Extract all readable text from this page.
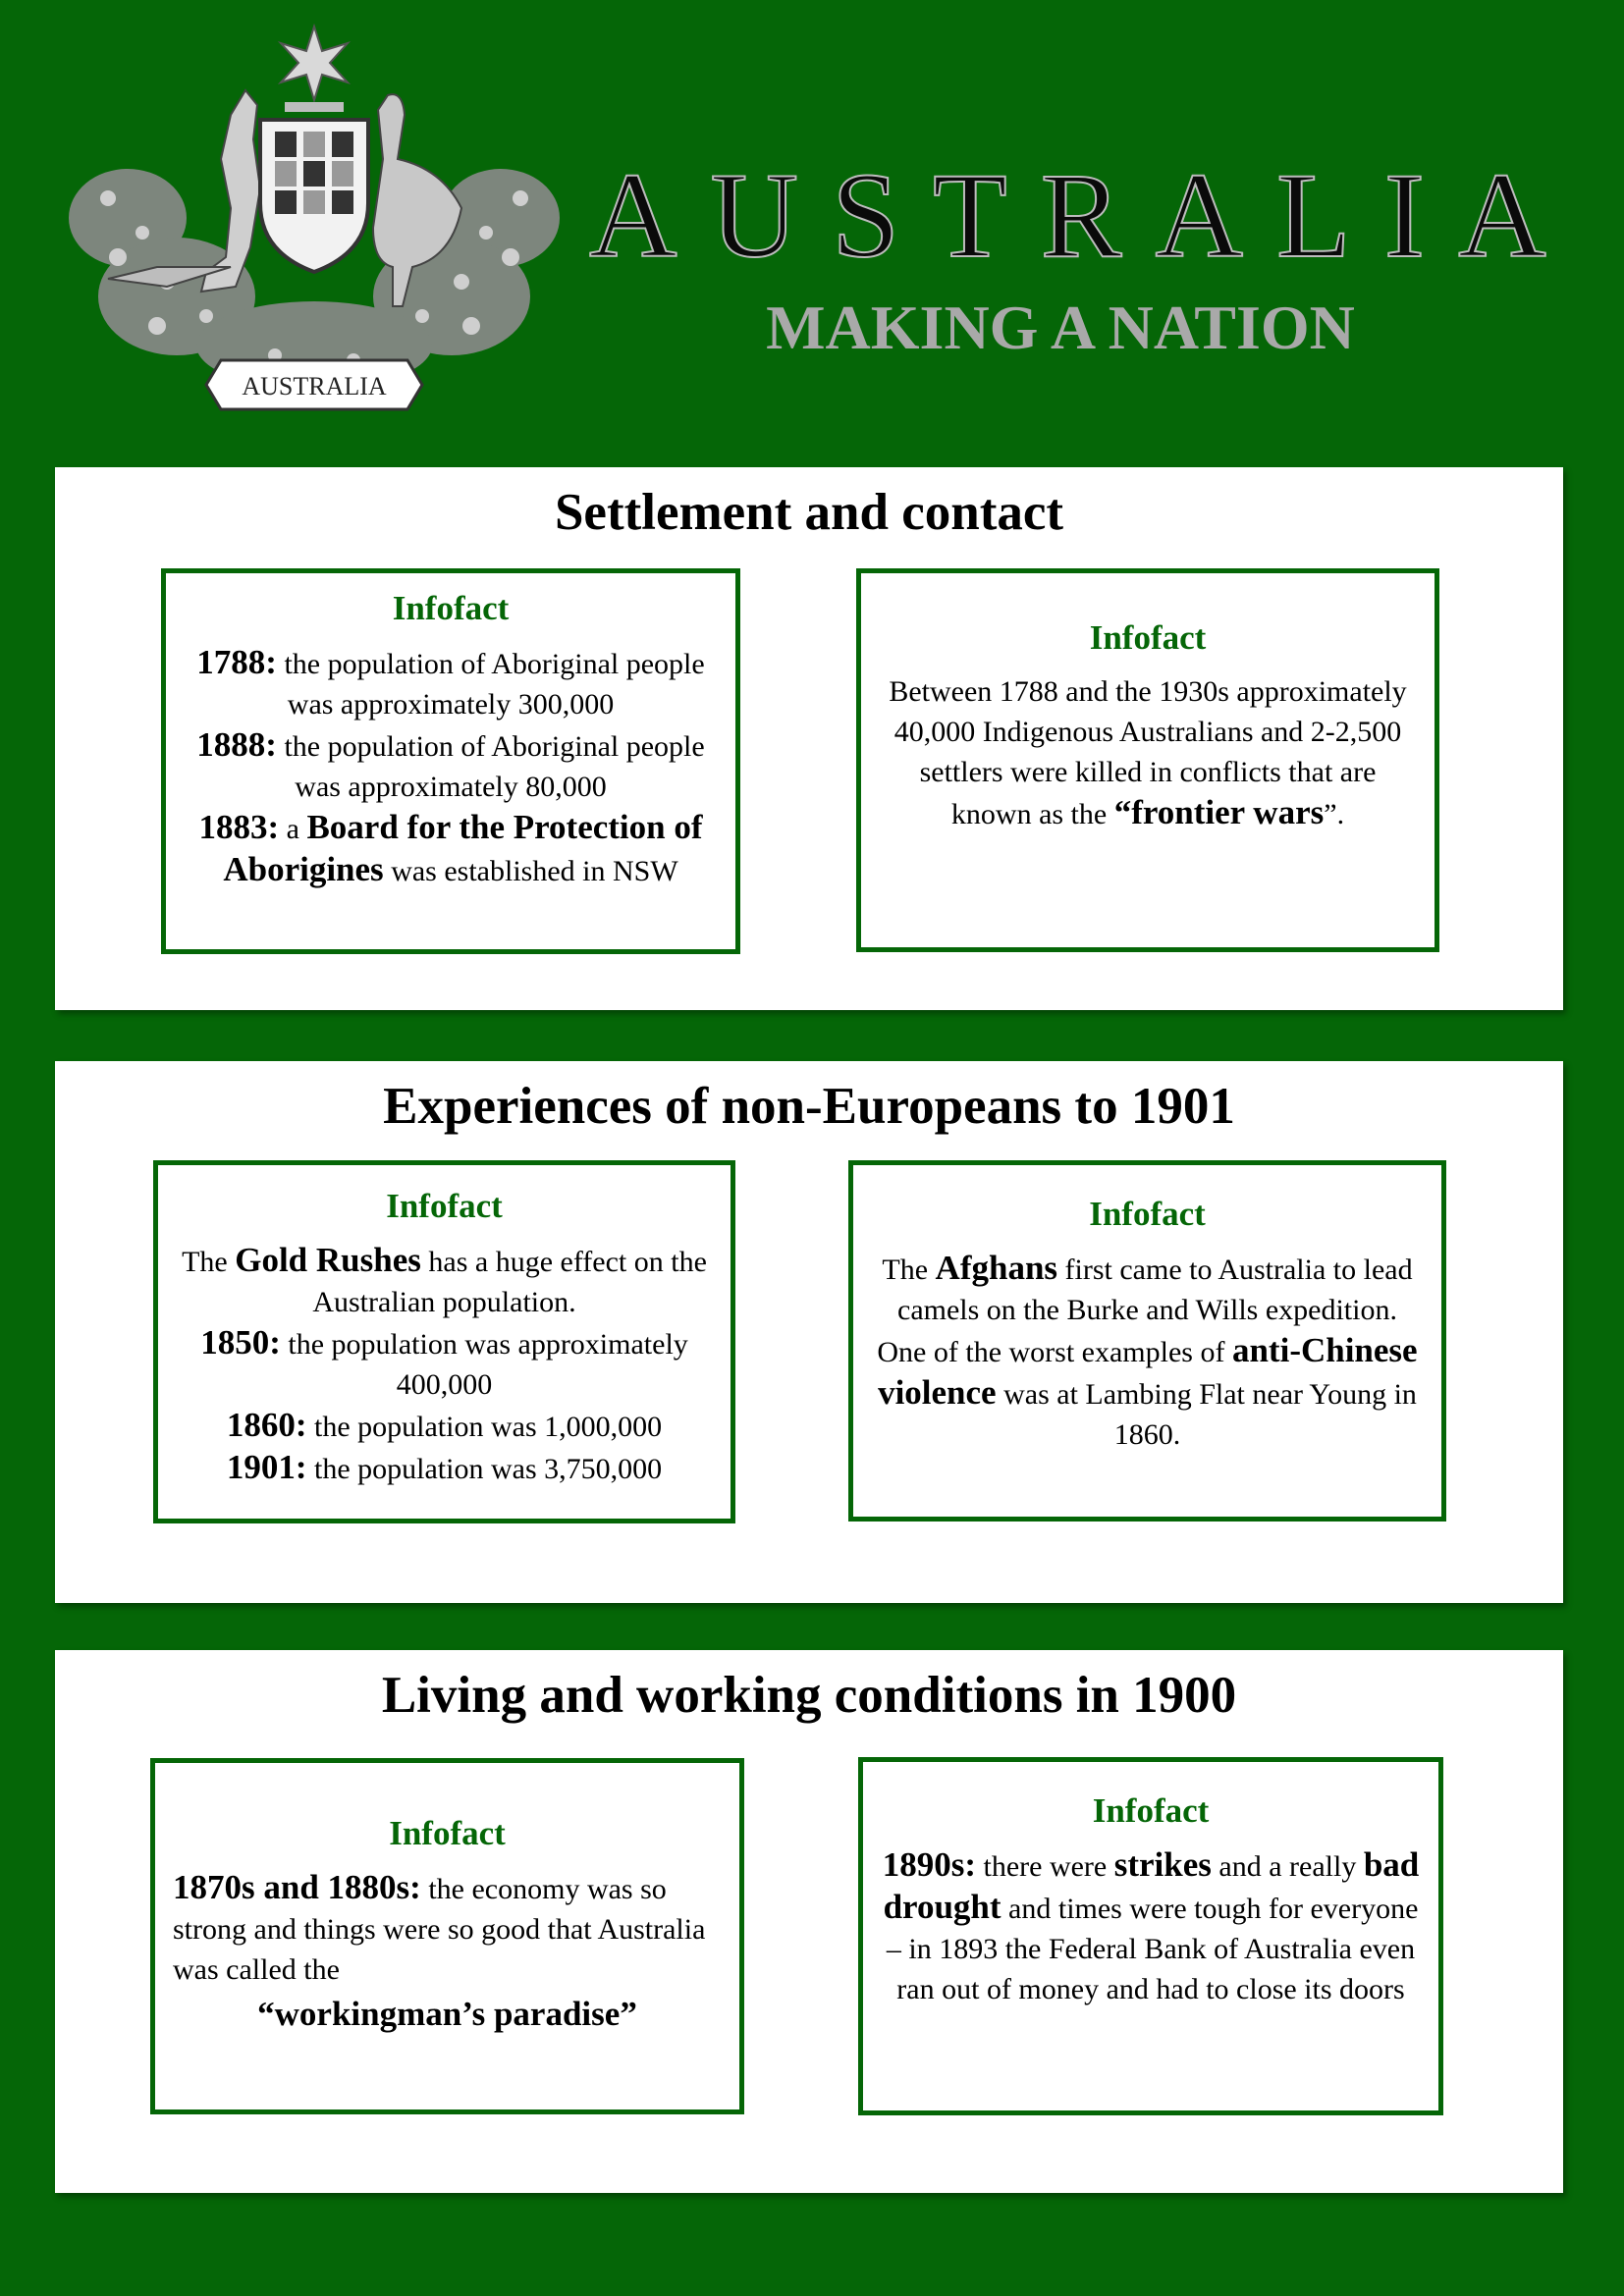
AUSTRALIA
AUSTRALIA
MAKING A NATION
Settlement and contact
Infofact
1788: the population of Aboriginal people was approximately 300,000
1888: the population of Aboriginal people was approximately 80,000
1883: a Board for the Protection of Aborigines was established in NSW
Infofact
Between 1788 and the 1930s approximately 40,000 Indigenous Australians and 2-2,500 settlers were killed in conflicts that are known as the “frontier wars”.
Experiences of non-Europeans to 1901
Infofact
The Gold Rushes has a huge effect on the Australian population.
1850: the population was approximately 400,000
1860: the population was 1,000,000
1901: the population was 3,750,000
Infofact
The Afghans first came to Australia to lead camels on the Burke and Wills expedition.
One of the worst examples of anti-Chinese violence was at Lambing Flat near Young in 1860.
Living and working conditions in 1900
Infofact
1870s and 1880s: the economy was so strong and things were so good that Australia was called the
“workingman’s paradise”
Infofact
1890s: there were strikes and a really bad drought and times were tough for everyone – in 1893 the Federal Bank of Australia even ran out of money and had to close its doors
